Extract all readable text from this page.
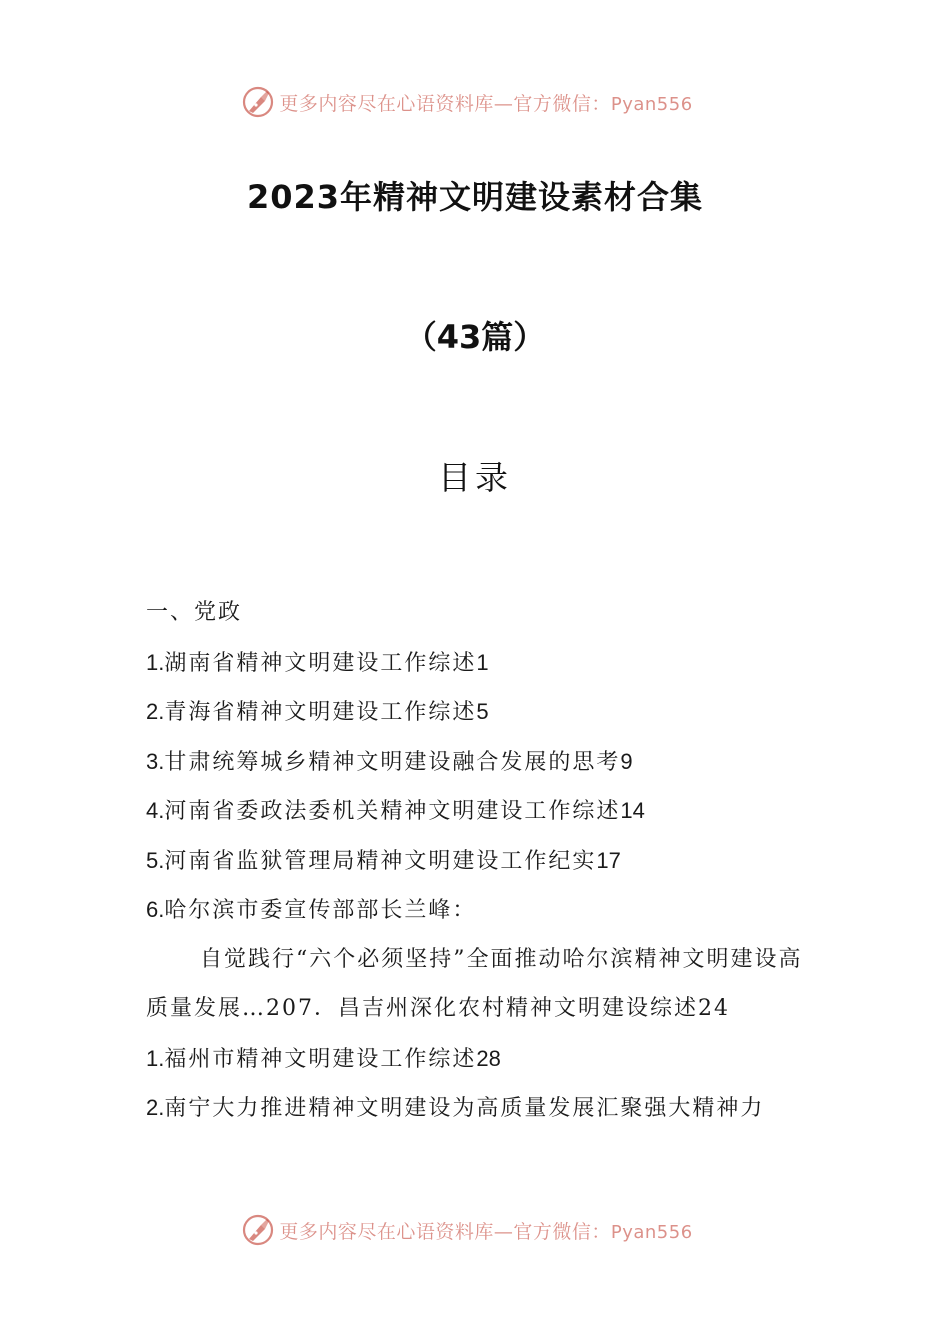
更多内容尽在心语资料库—官方微信：Pyan556
2023年精神文明建设素材合集
（43篇）
目录
一、党政
1.湖南省精神文明建设工作综述1
2.青海省精神文明建设工作综述5
3.甘肃统筹城乡精神文明建设融合发展的思考9
4.河南省委政法委机关精神文明建设工作综述14
5.河南省监狱管理局精神文明建设工作纪实17
6.哈尔滨市委宣传部部长兰峰：
自觉践行“六个必须坚持”全面推动哈尔滨精神文明建设高质量发展…207．昌吉州深化农村精神文明建设综述24
1.福州市精神文明建设工作综述28
2.南宁大力推进精神文明建设为高质量发展汇聚强大精神力
更多内容尽在心语资料库—官方微信：Pyan556
